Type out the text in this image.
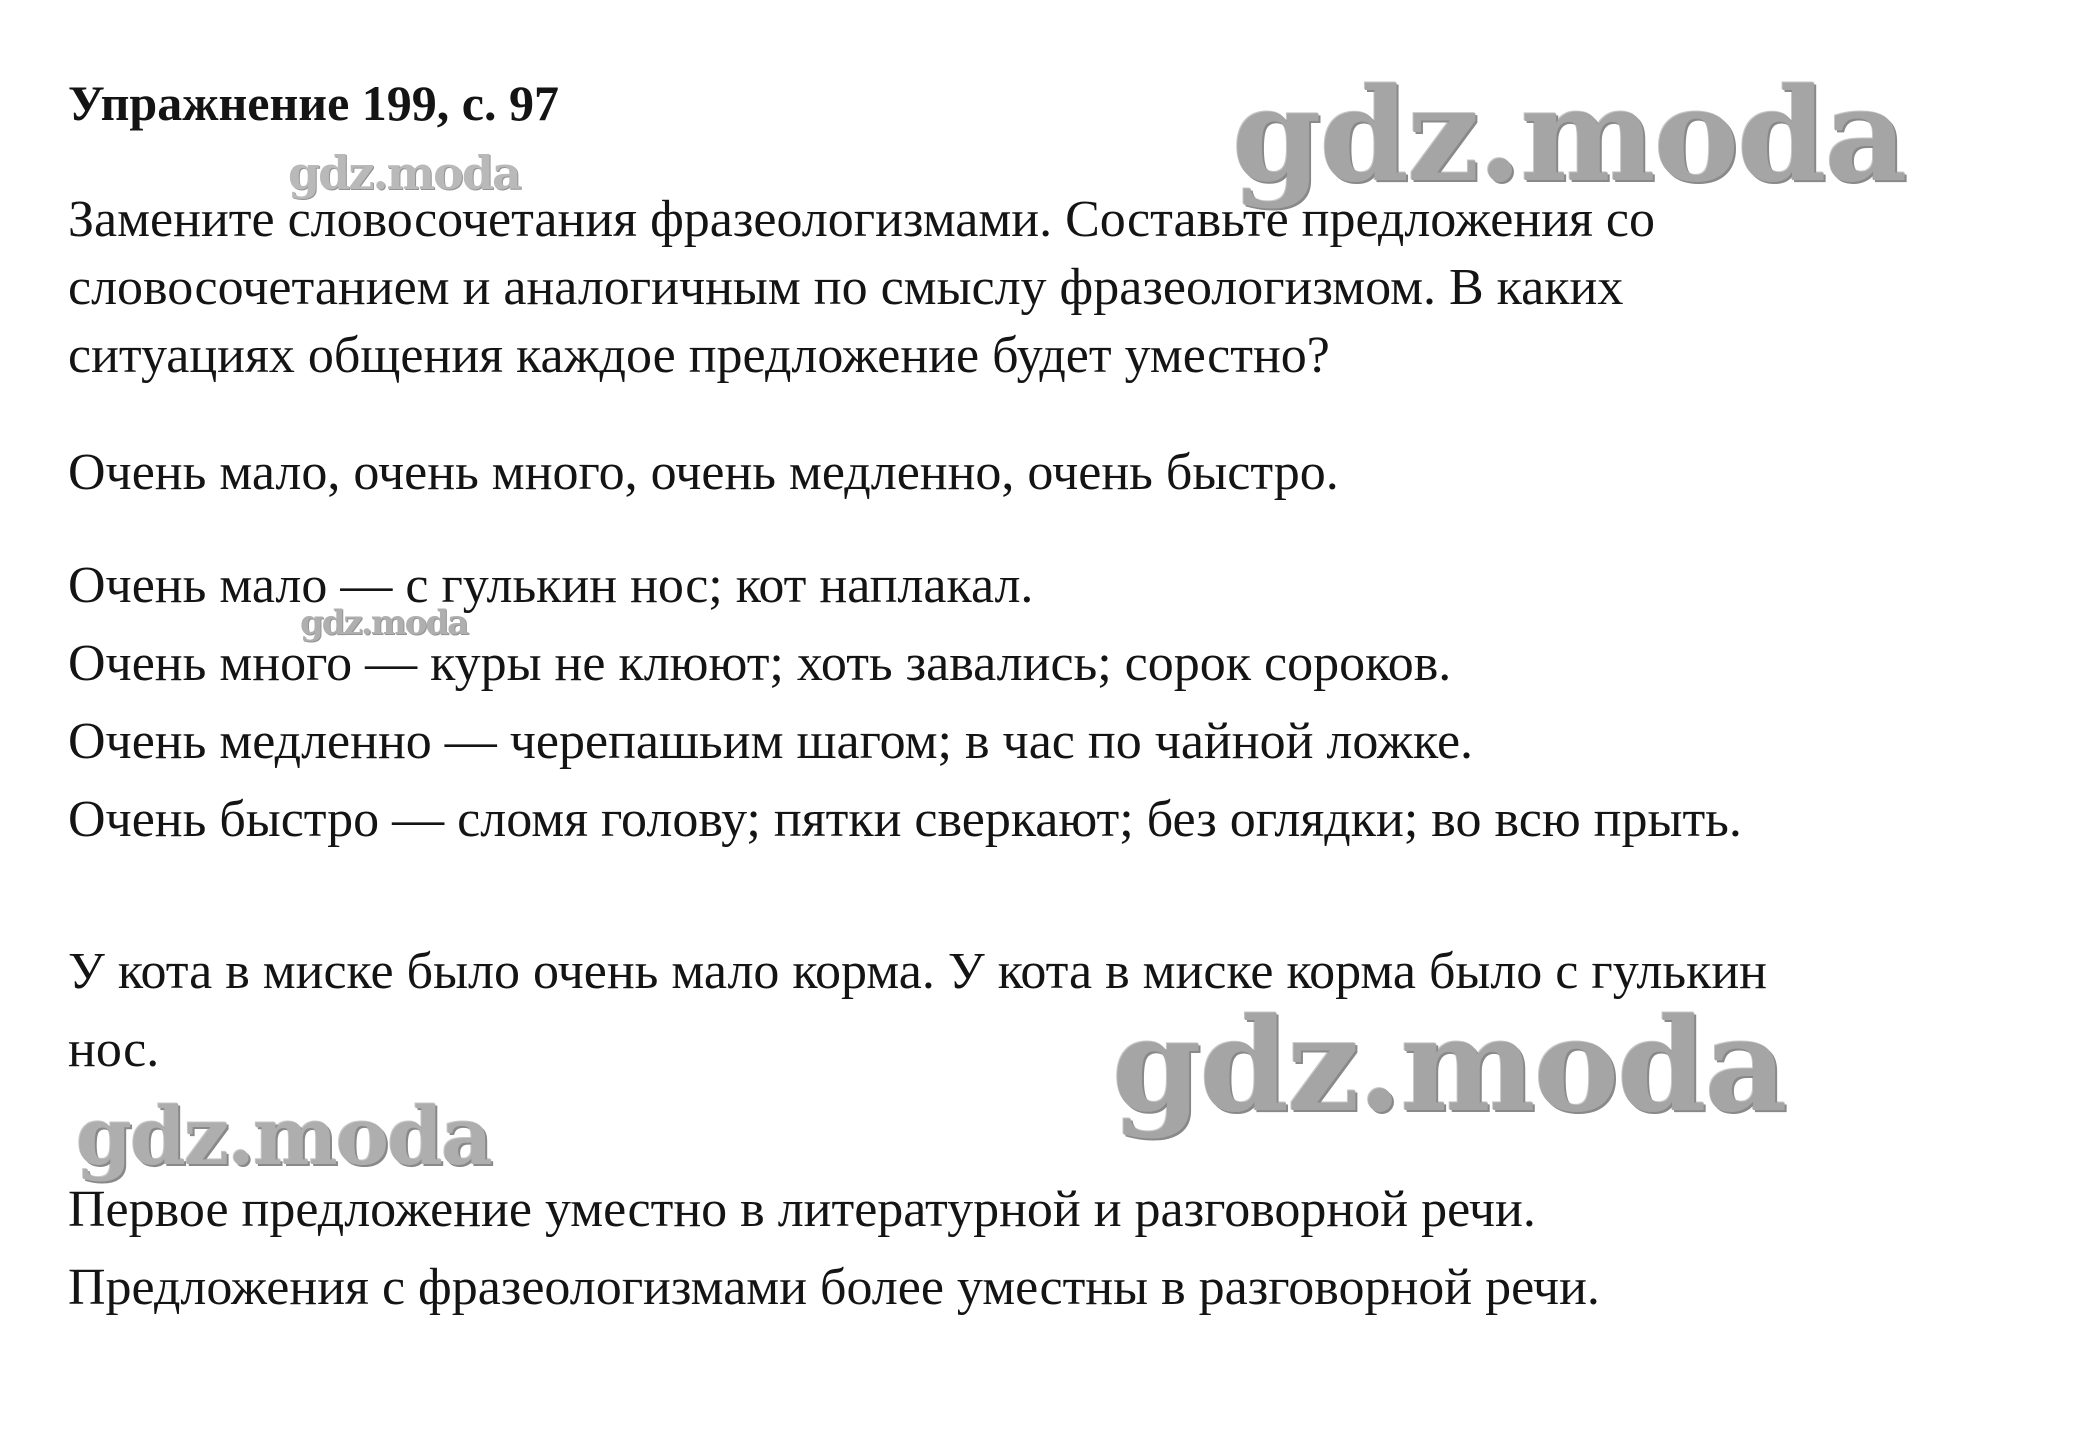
gdz.moda
gdz.moda
gdz.moda
gdz.moda	gdz.moda
Упражнение 199, с. 97

Замените словосочетания фразеологизмами. Составьте предложения со

словосочетанием и аналогичным по смыслу фразеологизмом. В каких

ситуациях общения каждое предложение будет уместно?

Очень мало, очень много, очень медленно, очень быстро.

Очень мало — с гулькин нос; кот наплакал.

Очень много — куры не клюют; хоть завались; сорок сороков.

Очень медленно — черепашьим шагом; в час по чайной ложке.

Очень быстро — сломя голову; пятки сверкают; без оглядки; во всю прыть.

У кота в миске было очень мало корма. У кота в миске корма было с гулькин

нос.

Первое предложение уместно в литературной и разговорной речи.

Предложения с фразеологизмами более уместны в разговорной речи.
